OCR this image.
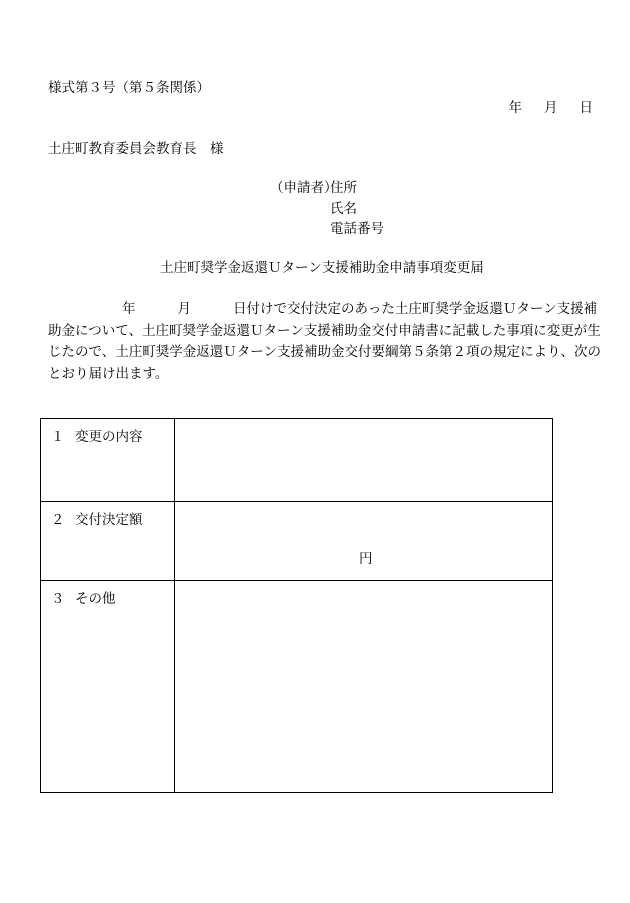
様式第３号（第５条関係）
年 月 日
土庄町教育委員会教育長　様
（申請者）
住所
氏名
電話番号
土庄町奨学金返還Ｕターン支援補助金申請事項変更届
年	月	日付けで交付決定のあった土庄町奨学金返還Ｕターン支援補
助金について、土庄町奨学金返還Ｕターン支援補助金交付申請書に記載した事項に変更が生
じたので、土庄町奨学金返還Ｕターン支援補助金交付要綱第５条第２項の規定により、次の
とおり届け出ます。
１ 変更の内容
２ 交付決定額
円
３ その他
